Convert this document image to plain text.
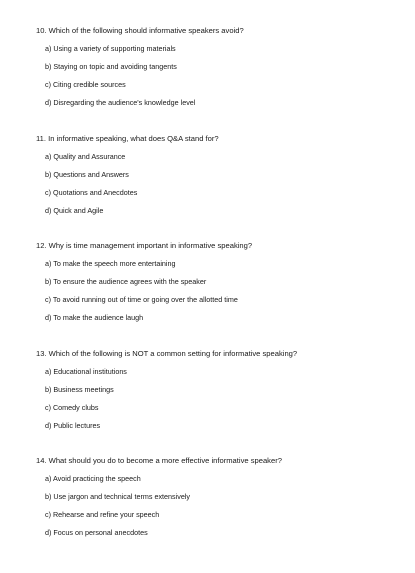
10. Which of the following should informative speakers avoid?

a) Using a variety of supporting materials
b) Staying on topic and avoiding tangents
c) Citing credible sources
d) Disregarding the audience's knowledge level

11. In informative speaking, what does Q&A stand for?

a) Quality and Assurance
b) Questions and Answers
c) Quotations and Anecdotes
d) Quick and Agile

12. Why is time management important in informative speaking?

a) To make the speech more entertaining
b) To ensure the audience agrees with the speaker
c) To avoid running out of time or going over the allotted time
d) To make the audience laugh

13. Which of the following is NOT a common setting for informative speaking?

a) Educational institutions
b) Business meetings
c) Comedy clubs
d) Public lectures

14. What should you do to become a more effective informative speaker?

a) Avoid practicing the speech
b) Use jargon and technical terms extensively
c) Rehearse and refine your speech
d) Focus on personal anecdotes
